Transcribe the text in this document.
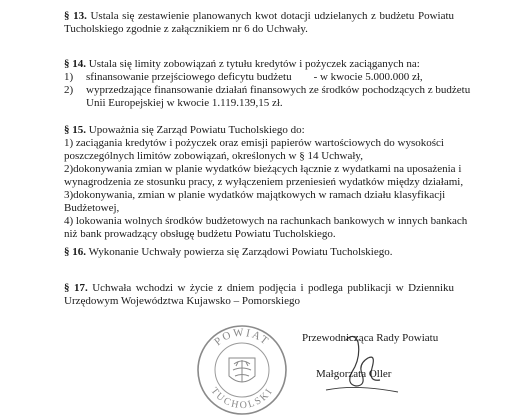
§ 13. Ustala się zestawienie planowanych kwot dotacji udzielanych z budżetu Powiatu
Tucholskiego zgodnie z załącznikiem nr 6 do Uchwały.
§ 14. Ustala się limity zobowiązań z tytułu kredytów i pożyczek zaciąganych na:
1) sfinansowanie przejściowego deficytu budżetu - w kwocie 5.000.000 zł,
2) wyprzedzające finansowanie działań finansowych ze środków pochodzących z budżetu
Unii Europejskiej w kwocie 1.119.139,15 zł.
§ 15. Upoważnia się Zarząd Powiatu Tucholskiego do:
1) zaciągania kredytów i pożyczek oraz emisji papierów wartościowych do wysokości
poszczególnych limitów zobowiązań, określonych w § 14 Uchwały,
2)dokonywania zmian w planie wydatków bieżących łącznie z wydatkami na uposażenia i
wynagrodzenia ze stosunku pracy, z wyłączeniem przeniesień wydatków między działami,
3)dokonywania, zmian w planie wydatków majątkowych w ramach działu klasyfikacji
Budżetowej,
4) lokowania wolnych środków budżetowych na rachunkach bankowych w innych bankach
niż bank prowadzący obsługę budżetu Powiatu Tucholskiego.
§ 16. Wykonanie Uchwały powierza się Zarządowi Powiatu Tucholskiego.
§ 17. Uchwała wchodzi w życie z dniem podjęcia i podlega publikacji w Dzienniku
Urzędowym Województwa Kujawsko – Pomorskiego
POWIAT
TUCHOLSKI
Przewodnicząca Rady Powiatu
Małgorzata Oller
